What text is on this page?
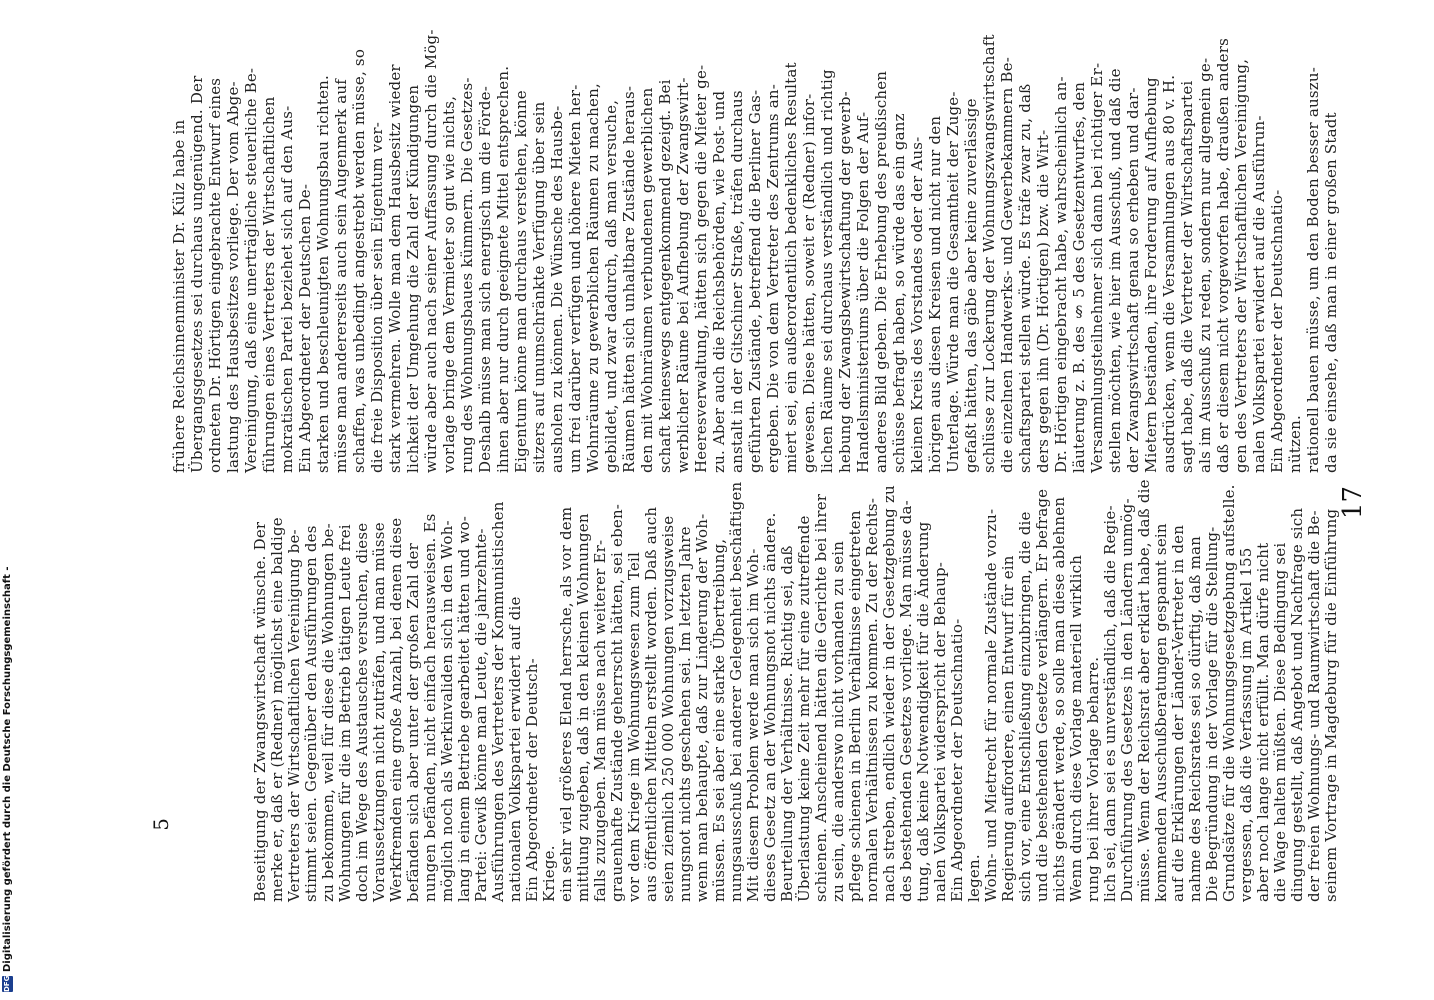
da sie einsehe, daß man in einer großen Stadt
rationell bauen müsse, um den Boden besser auszu-
nützen.
Ein Abgeordneter der Deutschnatio-
nalen Volkspartei erwidert auf die Ausführun-
gen des Vertreters der Wirtschaftlichen Vereinigung,
daß er diesem nicht vorgeworfen habe, draußen anders
als im Ausschuß zu reden, sondern nur allgemein ge-
sagt habe, daß die Vertreter der Wirtschaftspartei
ausdrücken, wenn die Versammlungen aus 80 v. H.
Mietern beständen, ihre Forderung auf Aufhebung
der Zwangswirtschaft genau so erheben und dar-
stellen möchten, wie hier im Ausschuß, und daß die
Versammlungsteilnehmer sich dann bei richtiger Er-
läuterung z. B. des § 5 des Gesetzentwurfes, den
Dr. Hörtigen eingebracht habe, wahrscheinlich an-
ders gegen ihn (Dr. Hörtigen) bzw. die Wirt-
schaftspartei stellen würde. Es träfe zwar zu, daß
die einzelnen Handwerks- und Gewerbekammern Be-
schlüsse zur Lockerung der Wohnungszwangswirtschaft
gefaßt hätten, das gäbe aber keine zuverlässige
Unterlage. Würde man die Gesamtheit der Zuge-
hörigen aus diesen Kreisen und nicht nur den
kleinen Kreis des Vorstandes oder der Aus-
schüsse befragt haben, so würde das ein ganz
anderes Bild geben. Die Erhebung des preußischen
Handelsministeriums über die Folgen der Auf-
hebung der Zwangsbewirtschaftung der gewerb-
lichen Räume sei durchaus verständlich und richtig
gewesen. Diese hätten, soweit er (Redner) infor-
miert sei, ein außerordentlich bedenkliches Resultat
ergeben. Die von dem Vertreter des Zentrums an-
geführten Zustände, betreffend die Berliner Gas-
anstalt in der Gitschiner Straße, träfen durchaus
zu. Aber auch die Reichsbehörden, wie Post- und
Heeresverwaltung, hätten sich gegen die Mieter ge-
werblicher Räume bei Aufhebung der Zwangswirt-
schaft keineswegs entgegenkommend gezeigt. Bei
den mit Wohnräumen verbundenen gewerblichen
Räumen hätten sich unhaltbare Zustände heraus-
gebildet, und zwar dadurch, daß man versuche,
Wohnräume zu gewerblichen Räumen zu machen,
um frei darüber verfügen und höhere Mieten her-
ausholen zu können. Die Wünsche des Hausbe-
sitzers auf unumschränkte Verfügung über sein
Eigentum könne man durchaus verstehen, könne
ihnen aber nur durch geeignete Mittel entsprechen.
Deshalb müsse man sich energisch um die Förde-
rung des Wohnungsbaues kümmern. Die Gesetzes-
vorlage bringe dem Vermieter so gut wie nichts,
würde aber auch nach seiner Auffassung durch die Mög-
lichkeit der Umgehung die Zahl der Kündigungen
stark vermehren. Wolle man dem Hausbesitz wieder
die freie Disposition über sein Eigentum ver-
schaffen, was unbedingt angestrebt werden müsse, so
müsse man andererseits auch sein Augenmerk auf
starken und beschleunigten Wohnungsbau richten.
Ein Abgeordneter der Deutschen De-
mokratischen Partei beziehet sich auf den Aus-
führungen eines Vertreters der Wirtschaftlichen
Vereinigung, daß eine unerträgliche steuerliche Be-
lastung des Hausbesitzes vorliege. Der vom Abge-
ordneten Dr. Hörtigen eingebrachte Entwurf eines
Übergangsgesetzes sei durchaus ungenügend. Der
frühere Reichsinnenminister Dr. Külz habe in
seinem Vortrage in Magdeburg für die Einführung
der freien Wohnungs- und Raumwirtschaft die Be-
dingung gestellt, daß Angebot und Nachfrage sich
die Wage halten müßten. Diese Bedingung sei
aber noch lange nicht erfüllt. Man dürfe nicht
vergessen, daß die Verfassung im Artikel 155
Grundsätze für die Wohnungsgesetzgebung aufstelle.
Die Begründung in der Vorlage für die Stellung-
nahme des Reichsrates sei so dürftig, daß man
auf die Erklärungen der Länder-Vertreter in den
kommenden Ausschußberatungen gespannt sein
müsse. Wenn der Reichsrat aber erklärt habe, daß die
Durchführung des Gesetzes in den Ländern unmög-
lich sei, dann sei es unverständlich, daß die Regie-
rung bei ihrer Vorlage beharre.
Wenn durch diese Vorlage materiell wirklich
nichts geändert werde, so solle man diese ablehnen
und die bestehenden Gesetze verlängern. Er befrage
sich vor, eine Entschließung einzubringen, die die
Regierung auffordere, einen Entwurf für ein
Wohn- und Mietrecht für normale Zustände vorzu-
legen.
Ein Abgeordneter der Deutschnatio-
nalen Volkspartei widerspricht der Behaup-
tung, daß keine Notwendigkeit für die Änderung
des bestehenden Gesetzes vorliege. Man müsse da-
nach streben, endlich wieder in der Gesetzgebung zu
normalen Verhältnissen zu kommen. Zu der Rechts-
pflege schienen in Berlin Verhältnisse eingetreten
zu sein, die anderswo nicht vorhanden zu sein
schienen. Anscheinend hätten die Gerichte bei ihrer
Überlastung keine Zeit mehr für eine zutreffende
Beurteilung der Verhältnisse. Richtig sei, daß
dieses Gesetz an der Wohnungsnot nichts ändere.
Mit diesem Problem werde man sich im Woh-
nungsausschuß bei anderer Gelegenheit beschäftigen
müssen. Es sei aber eine starke Übertreibung,
wenn man behaupte, daß zur Linderung der Woh-
nungsnot nichts geschehen sei. Im letzten Jahre
seien ziemlich 250 000 Wohnungen vorzugsweise
aus öffentlichen Mitteln erstellt worden. Daß auch
vor dem Kriege im Wohnungswesen zum Teil
grauenhafte Zustände geherrscht hätten, sei eben-
falls zuzugeben. Man müsse nach weiterer Er-
mittlung zugeben, daß in den kleinen Wohnungen
ein sehr viel größeres Elend herrsche, als vor dem
Kriege.
Ein Abgeordneter der Deutsch-
nationalen Volkspartei erwidert auf die
Ausführungen des Vertreters der Kommunistischen
Partei: Gewiß könne man Leute, die jahrzehnte-
lang in einem Betriebe gearbeitet hätten und wo-
möglich noch als Werkinvaliden sich in den Woh-
nungen befänden, nicht einfach herausweisen. Es
befänden sich aber unter der großen Zahl der
Werkfremden eine große Anzahl, bei denen diese
Voraussetzungen nicht zuträfen, und man müsse
doch im Wege des Austausches versuchen, diese
Wohnungen für die im Betrieb tätigen Leute frei
zu bekommen, weil für diese die Wohnungen be-
stimmt seien. Gegenüber den Ausführungen des
Vertreters der Wirtschaftlichen Vereinigung be-
merke er, daß er (Redner) möglichst eine baldige
Beseitigung der Zwangswirtschaft wünsche. Der
17
5
DFG
Digitalisierung gefördert durch die Deutsche Forschungsgemeinschaft -
